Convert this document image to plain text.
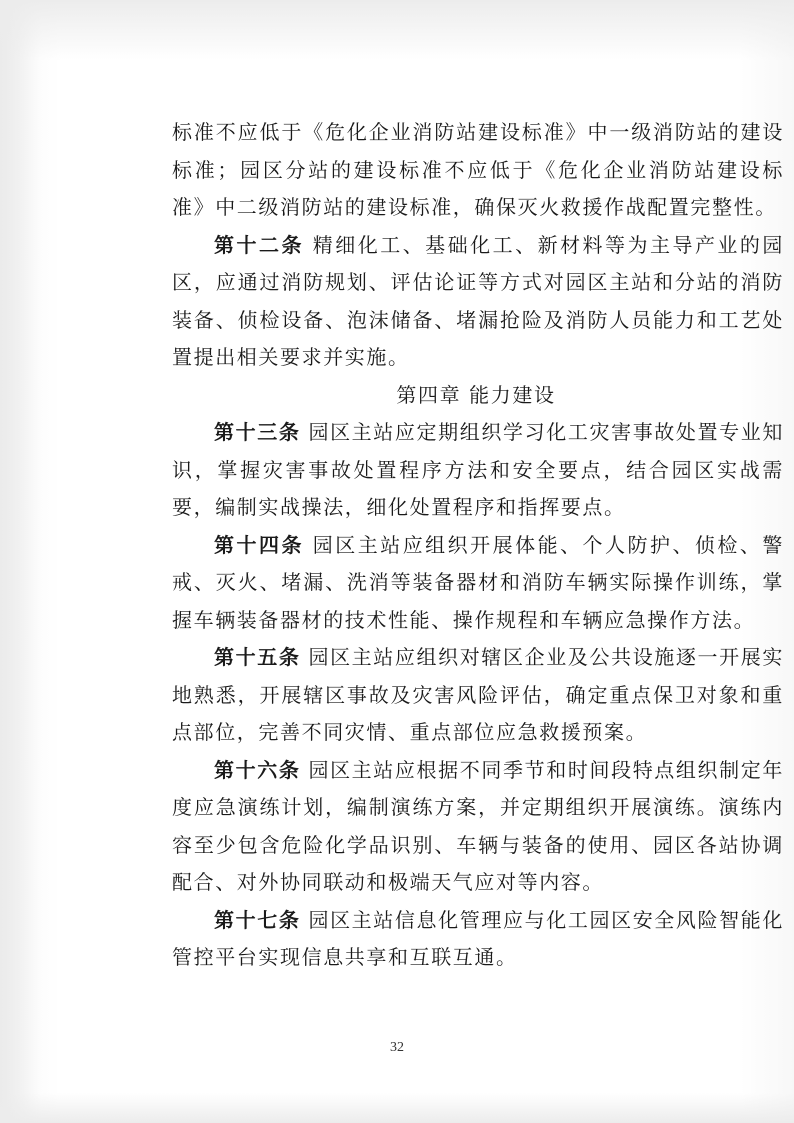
标准不应低于《危化企业消防站建设标准》中一级消防站的建设标准；园区分站的建设标准不应低于《危化企业消防站建设标准》中二级消防站的建设标准，确保灭火救援作战配置完整性。

第十二条 精细化工、基础化工、新材料等为主导产业的园区，应通过消防规划、评估论证等方式对园区主站和分站的消防装备、侦检设备、泡沫储备、堵漏抢险及消防人员能力和工艺处置提出相关要求并实施。

第四章 能力建设

第十三条 园区主站应定期组织学习化工灾害事故处置专业知识，掌握灾害事故处置程序方法和安全要点，结合园区实战需要，编制实战操法，细化处置程序和指挥要点。

第十四条 园区主站应组织开展体能、个人防护、侦检、警戒、灭火、堵漏、洗消等装备器材和消防车辆实际操作训练，掌握车辆装备器材的技术性能、操作规程和车辆应急操作方法。

第十五条 园区主站应组织对辖区企业及公共设施逐一开展实地熟悉，开展辖区事故及灾害风险评估，确定重点保卫对象和重点部位，完善不同灾情、重点部位应急救援预案。

第十六条 园区主站应根据不同季节和时间段特点组织制定年度应急演练计划，编制演练方案，并定期组织开展演练。演练内容至少包含危险化学品识别、车辆与装备的使用、园区各站协调配合、对外协同联动和极端天气应对等内容。

第十七条 园区主站信息化管理应与化工园区安全风险智能化管控平台实现信息共享和互联互通。

32
